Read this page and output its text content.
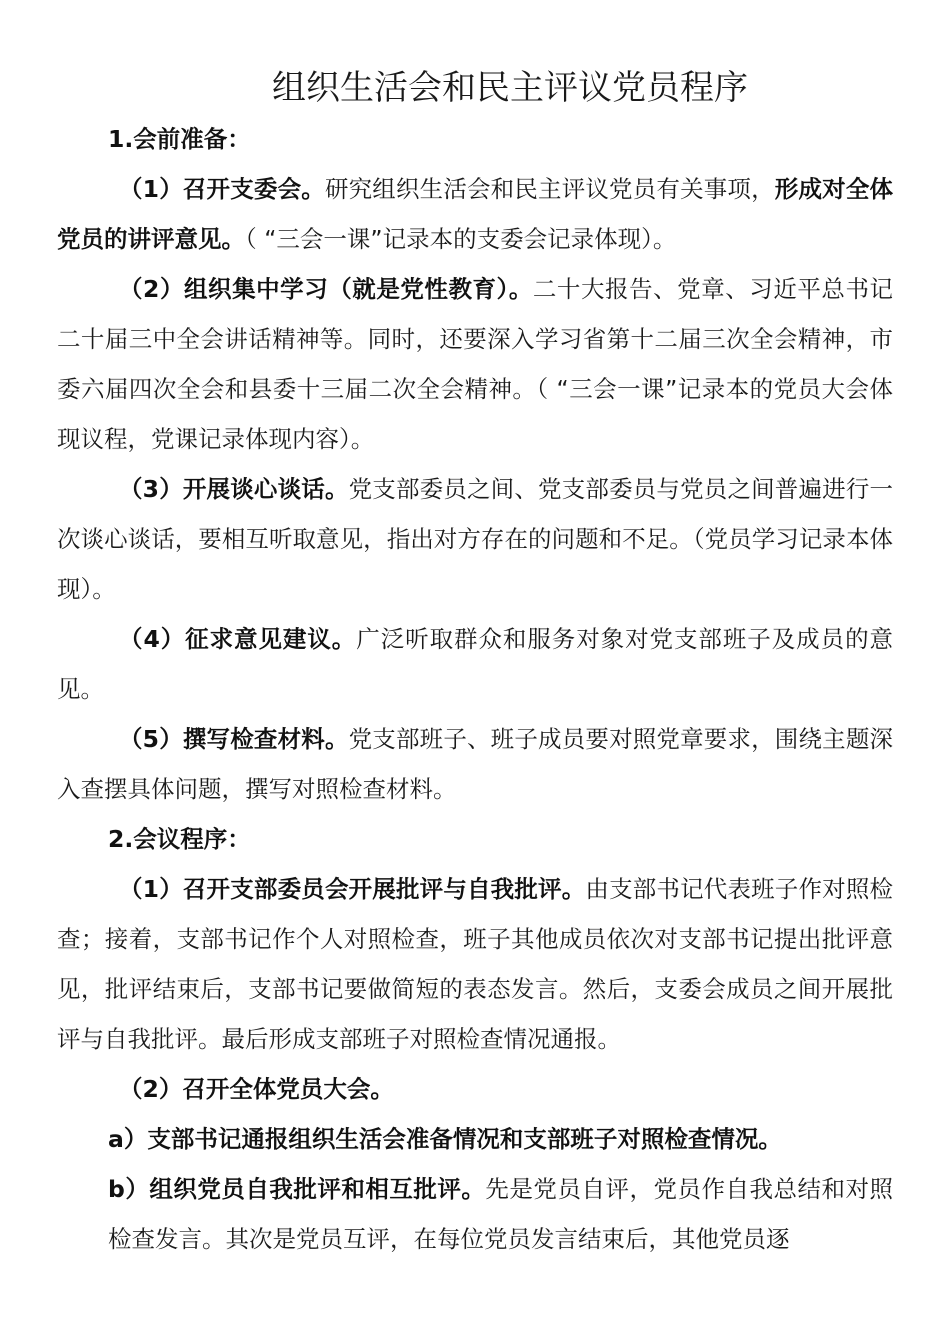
组织生活会和民主评议党员程序

1.会前准备：

（1）召开支委会。研究组织生活会和民主评议党员有关事项，形成对全体党员的讲评意见。（ “三会一课”记录本的支委会记录体现）。

（2）组织集中学习（就是党性教育）。二十大报告、党章、习近平总书记二十届三中全会讲话精神等。同时，还要深入学习省第十二届三次全会精神，市委六届四次全会和县委十三届二次全会精神。（ “三会一课”记录本的党员大会体现议程，党课记录体现内容）。

（3）开展谈心谈话。党支部委员之间、党支部委员与党员之间普遍进行一次谈心谈话，要相互听取意见，指出对方存在的问题和不足。（党员学习记录本体现）。

（4）征求意见建议。广泛听取群众和服务对象对党支部班子及成员的意见。

（5）撰写检查材料。党支部班子、班子成员要对照党章要求，围绕主题深入查摆具体问题，撰写对照检查材料。

2.会议程序：

（1）召开支部委员会开展批评与自我批评。由支部书记代表班子作对照检查；接着，支部书记作个人对照检查，班子其他成员依次对支部书记提出批评意见，批评结束后，支部书记要做简短的表态发言。然后，支委会成员之间开展批评与自我批评。最后形成支部班子对照检查情况通报。

（2）召开全体党员大会。

a）支部书记通报组织生活会准备情况和支部班子对照检查情况。

b）组织党员自我批评和相互批评。先是党员自评，党员作自我总结和对照检查发言。其次是党员互评，在每位党员发言结束后，其他党员逐
